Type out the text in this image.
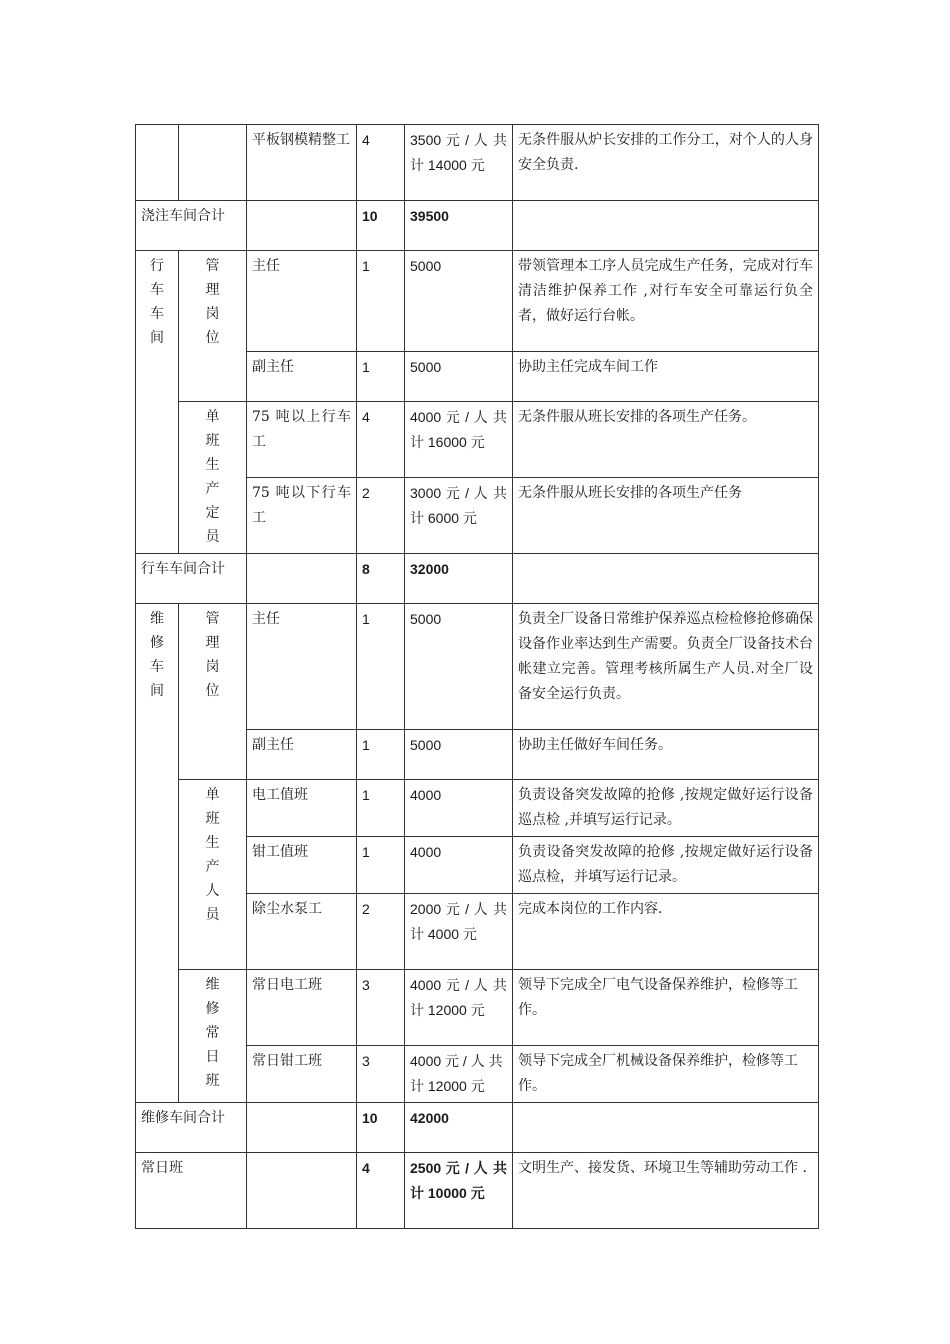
		平板钢模精整工	4	3500 元 / 人 共计 14000 元	无条件服从炉长安排的工作分工，对个人的人身安全负责.
浇注车间合计			10	39500	
行车车间	管理岗位	主任	1	5000	带领管理本工序人员完成生产任务，完成对行车清洁维护保养工作 ,对行车安全可靠运行负全者，做好运行台帐。
		副主任	1	5000	协助主任完成车间工作
	单班生产定员	75 吨以上行车工	4	4000 元 / 人 共计 16000 元	无条件服从班长安排的各项生产任务。
		75 吨以下行车工	2	3000 元 / 人 共计 6000 元	无条件服从班长安排的各项生产任务
行车车间合计			8	32000	
维修车间	管理岗位	主任	1	5000	负责全厂设备日常维护保养巡点检检修抢修确保设备作业率达到生产需要。负责全厂设备技术台帐建立完善。管理考核所属生产人员.对全厂设备安全运行负责。
		副主任	1	5000	协助主任做好车间任务。
	单班生产人员	电工值班	1	4000	负责设备突发故障的抢修 ,按规定做好运行设备巡点检 ,并填写运行记录。
		钳工值班	1	4000	负责设备突发故障的抢修 ,按规定做好运行设备巡点检，并填写运行记录。
		除尘水泵工	2	2000 元 / 人 共计 4000 元	完成本岗位的工作内容.
	维修常日班	常日电工班	3	4000 元 / 人 共计 12000 元	领导下完成全厂电气设备保养维护，检修等工作。
		常日钳工班	3	4000 元 / 人 共计 12000 元	领导下完成全厂机械设备保养维护，检修等工作。
维修车间合计			10	42000	
常日班			4	2500 元 / 人 共计 10000 元	文明生产、接发货、环境卫生等辅助劳动工作 .
